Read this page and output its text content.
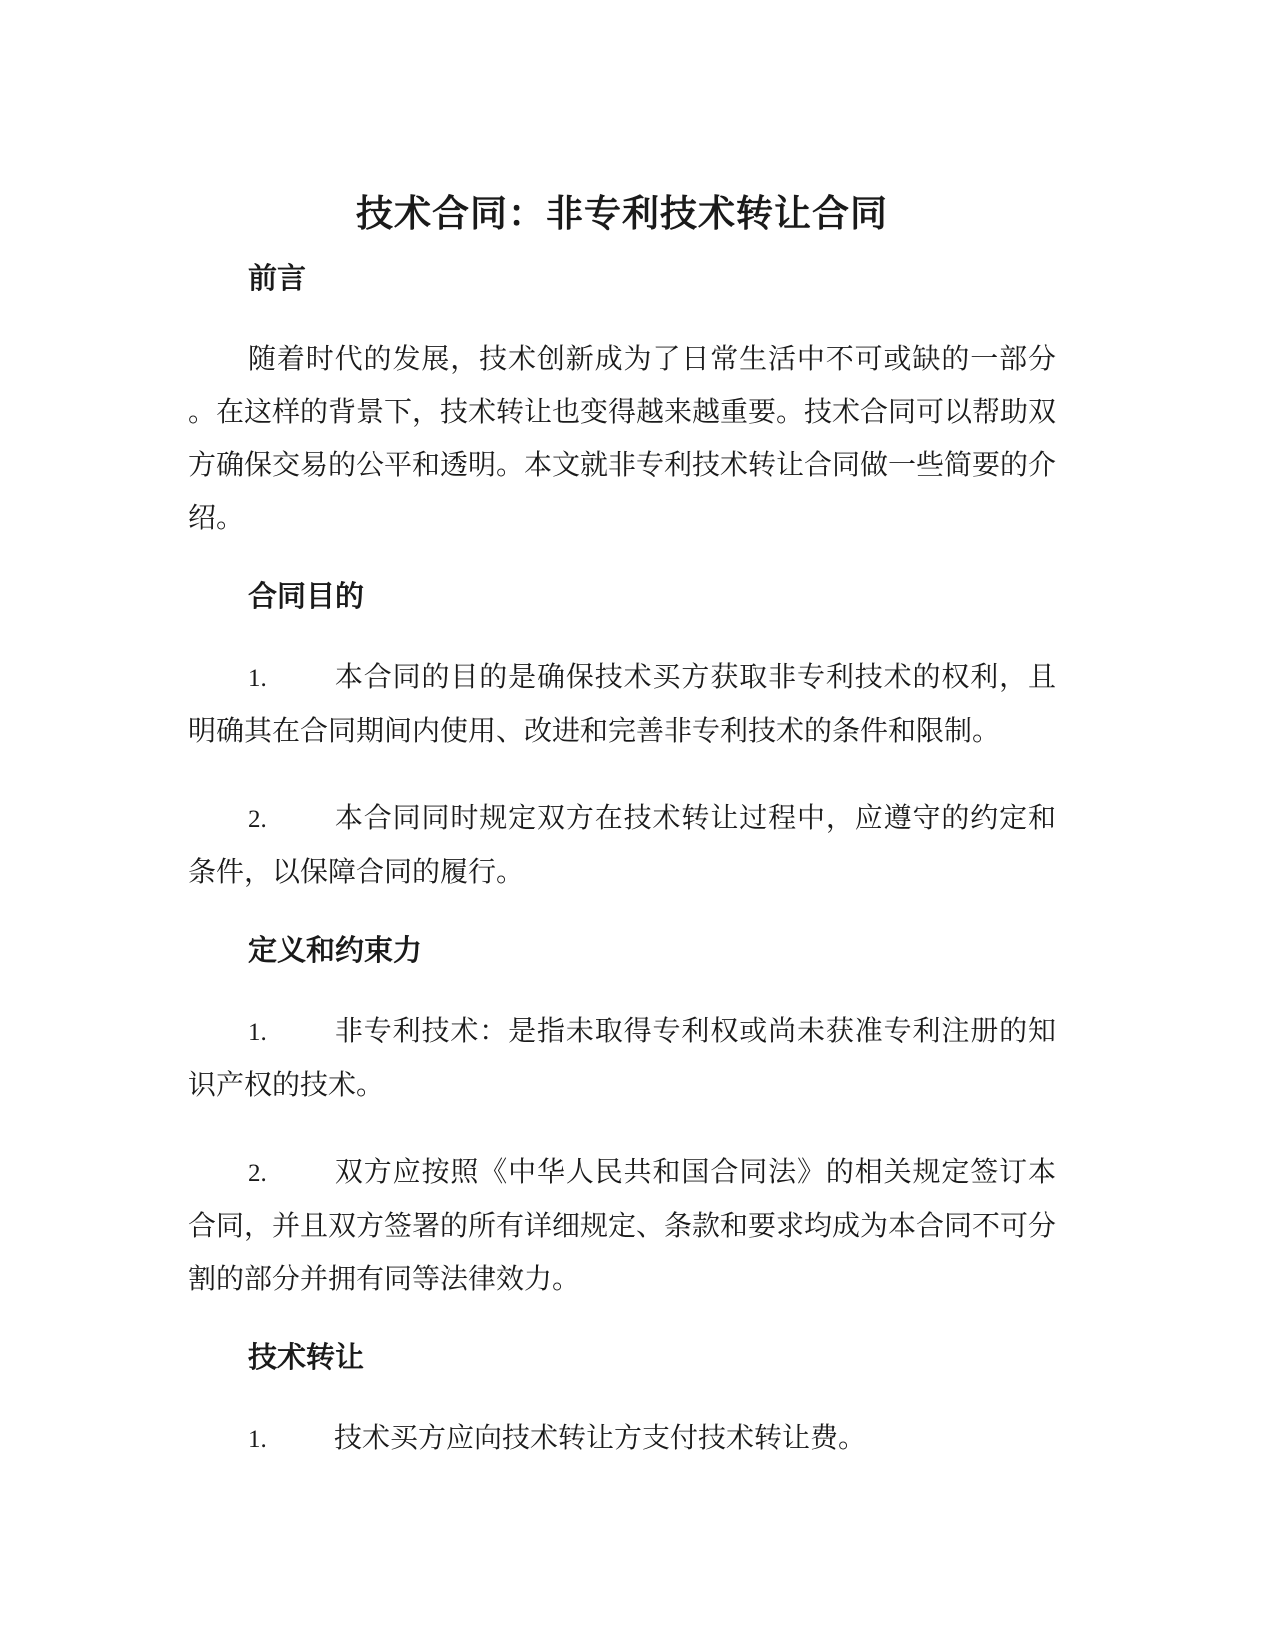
技术合同：非专利技术转让合同
前言

随着时代的发展，技术创新成为了日常生活中不可或缺的一部分。在这样的背景下，技术转让也变得越来越重要。技术合同可以帮助双方确保交易的公平和透明。本文就非专利技术转让合同做一些简要的介绍。

合同目的

1. 本合同的目的是确保技术买方获取非专利技术的权利，且明确其在合同期间内使用、改进和完善非专利技术的条件和限制。

2. 本合同同时规定双方在技术转让过程中，应遵守的约定和条件，以保障合同的履行。

定义和约束力

1. 非专利技术：是指未取得专利权或尚未获准专利注册的知识产权的技术。

2. 双方应按照《中华人民共和国合同法》的相关规定签订本合同，并且双方签署的所有详细规定、条款和要求均成为本合同不可分割的部分并拥有同等法律效力。

技术转让

1. 技术买方应向技术转让方支付技术转让费。
